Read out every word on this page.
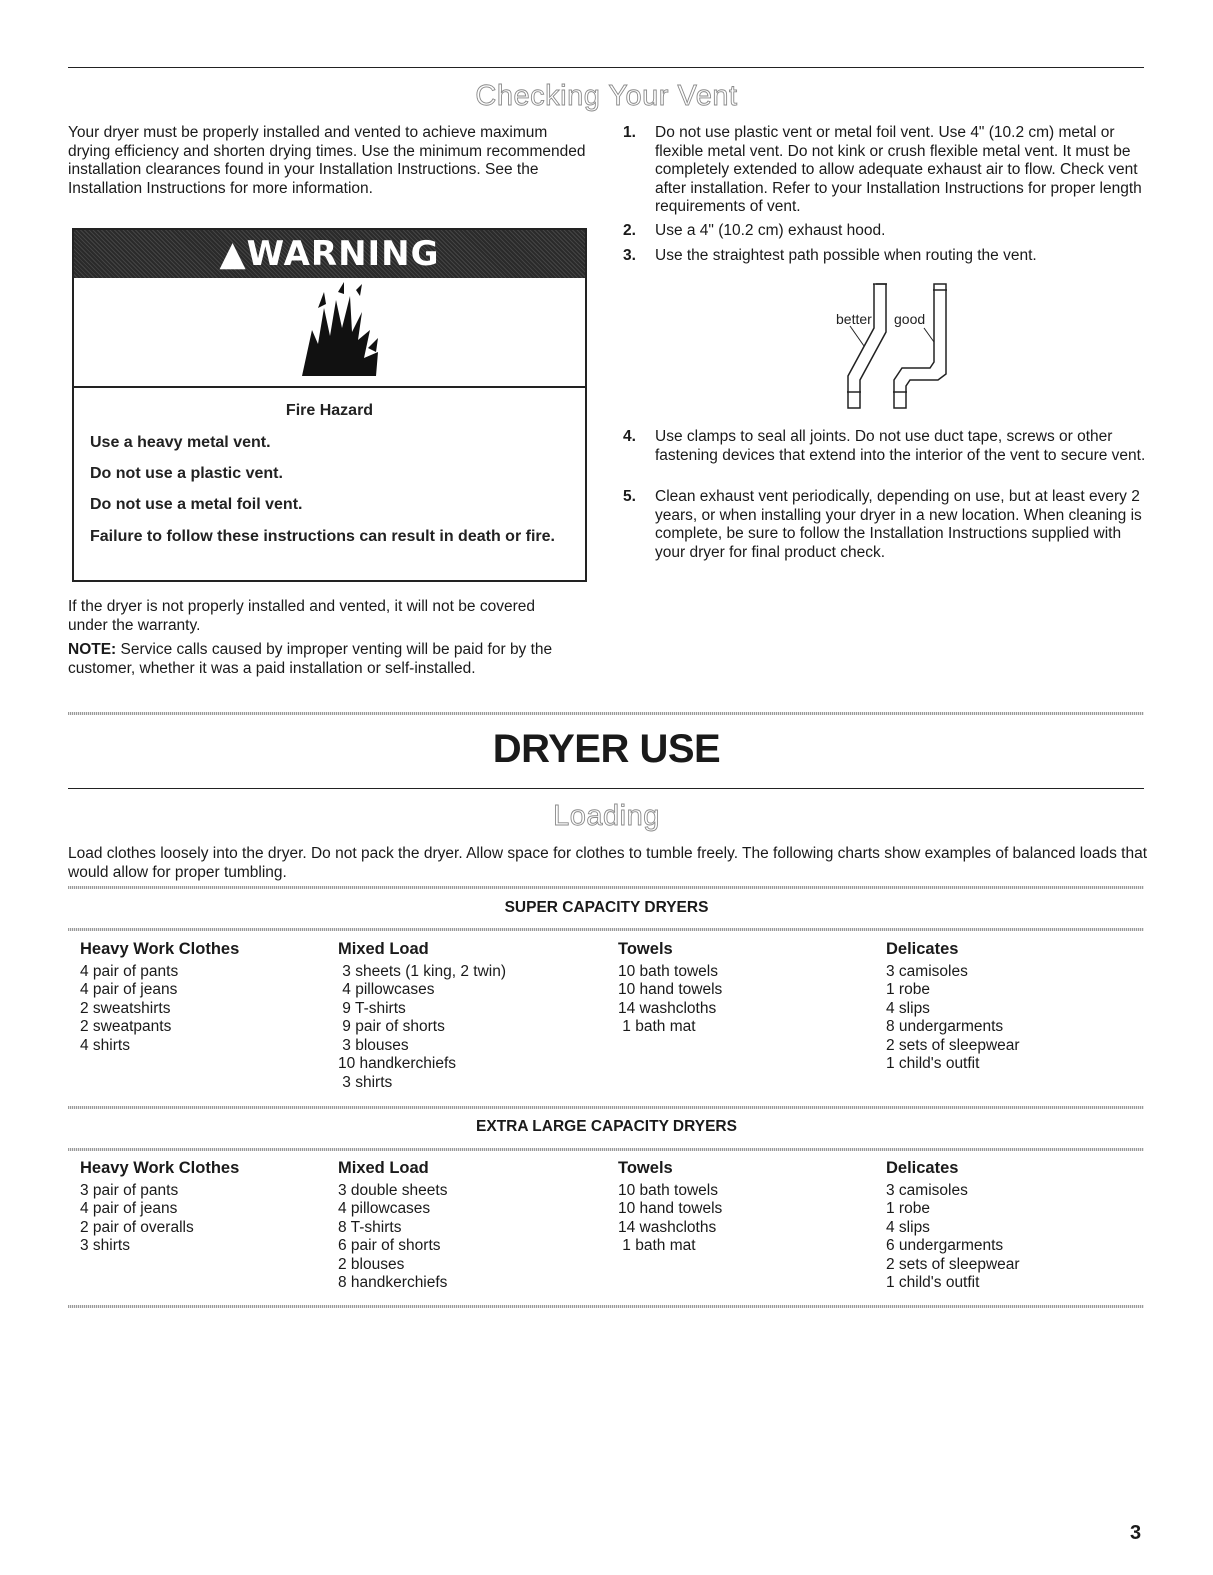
Checking Your Vent

Your dryer must be properly installed and vented to achieve maximum drying efficiency and shorten drying times. Use the minimum recommended installation clearances found in your Installation Instructions. See the Installation Instructions for more information.

▲WARNING
Fire Hazard
Use a heavy metal vent.
Do not use a plastic vent.
Do not use a metal foil vent.
Failure to follow these instructions can result in death or fire.

If the dryer is not properly installed and vented, it will not be covered under the warranty.

NOTE: Service calls caused by improper venting will be paid for by the customer, whether it was a paid installation or self-installed.

1. Do not use plastic vent or metal foil vent. Use 4" (10.2 cm) metal or flexible metal vent. Do not kink or crush flexible metal vent. It must be completely extended to allow adequate exhaust air to flow. Check vent after installation. Refer to your Installation Instructions for proper length requirements of vent.
2. Use a 4" (10.2 cm) exhaust hood.
3. Use the straightest path possible when routing the vent.
4. Use clamps to seal all joints. Do not use duct tape, screws or other fastening devices that extend into the interior of the vent to secure vent.
5. Clean exhaust vent periodically, depending on use, but at least every 2 years, or when installing your dryer in a new location. When cleaning is complete, be sure to follow the Installation Instructions supplied with your dryer for final product check.
better good
DRYER USE
Loading

Load clothes loosely into the dryer. Do not pack the dryer. Allow space for clothes to tumble freely. The following charts show examples of balanced loads that would allow for proper tumbling.

SUPER CAPACITY DRYERS
Heavy Work Clothes
4 pair of pants
4 pair of jeans
2 sweatshirts
2 sweatpants
4 shirts
Mixed Load
3 sheets (1 king, 2 twin)
4 pillowcases
9 T-shirts
9 pair of shorts
3 blouses
10 handkerchiefs
3 shirts
Towels
10 bath towels
10 hand towels
14 washcloths
1 bath mat
Delicates
3 camisoles
1 robe
4 slips
8 undergarments
2 sets of sleepwear
1 child's outfit
EXTRA LARGE CAPACITY DRYERS
Heavy Work Clothes
3 pair of pants
4 pair of jeans
2 pair of overalls
3 shirts
Mixed Load
3 double sheets
4 pillowcases
8 T-shirts
6 pair of shorts
2 blouses
8 handkerchiefs
Towels
10 bath towels
10 hand towels
14 washcloths
1 bath mat
Delicates
3 camisoles
1 robe
4 slips
6 undergarments
2 sets of sleepwear
1 child's outfit
3
